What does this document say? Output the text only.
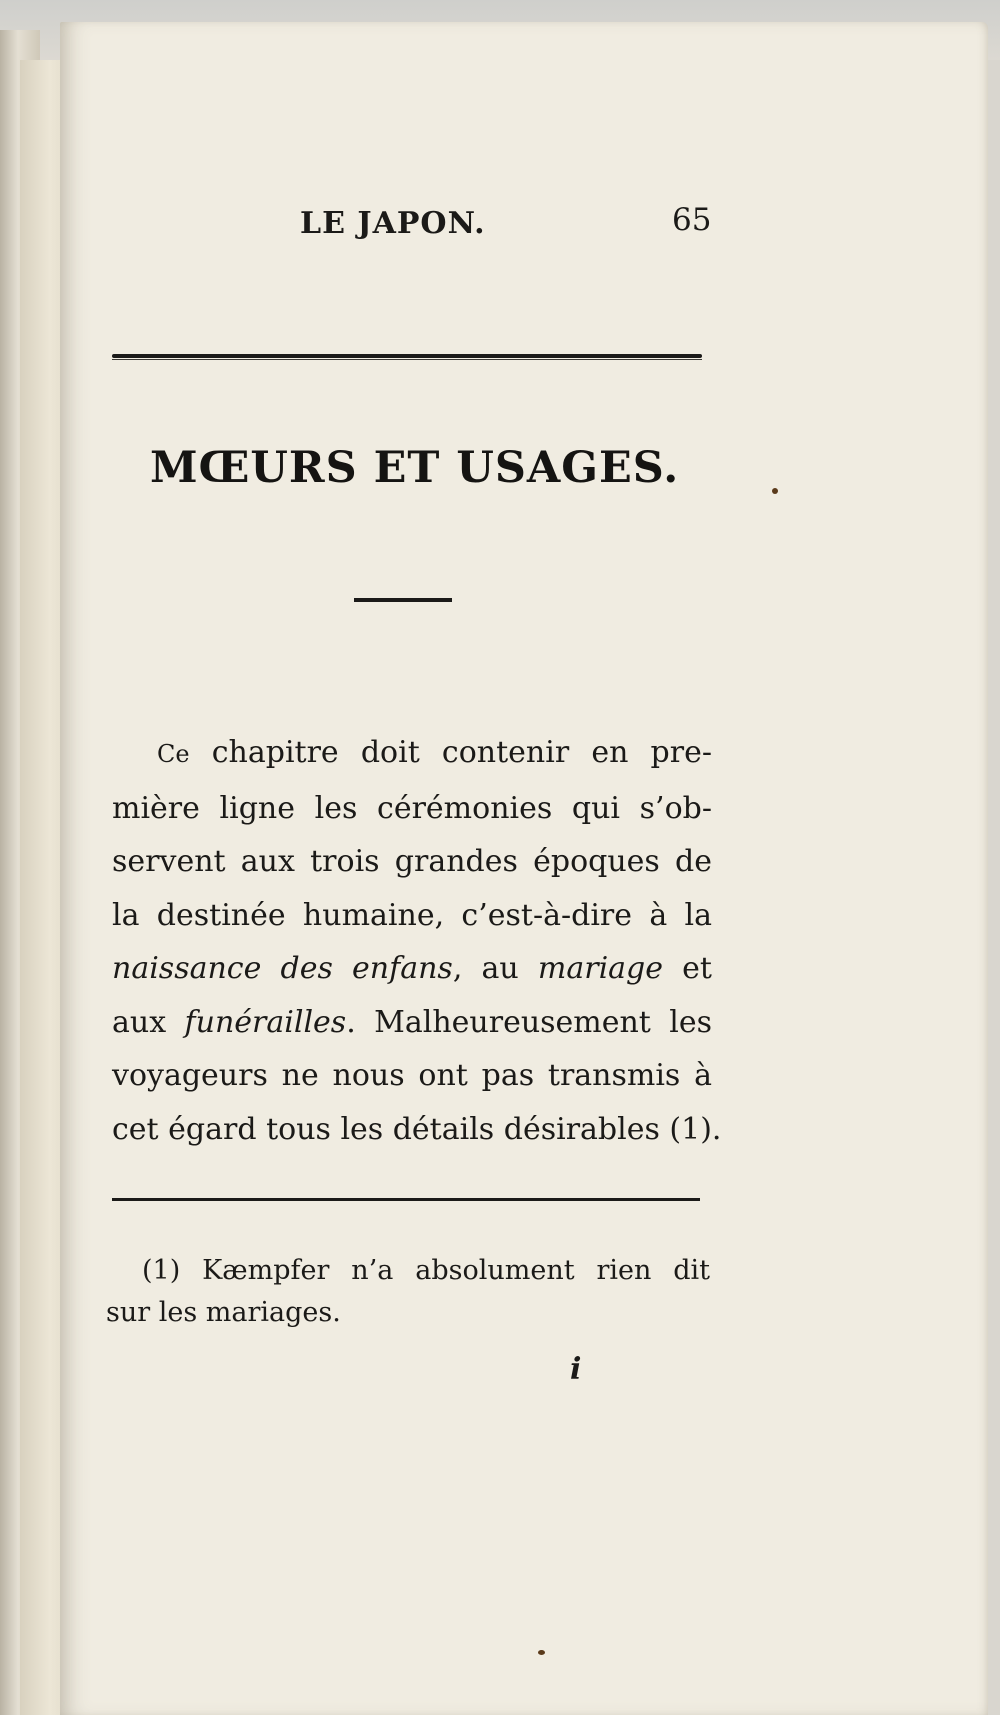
LE JAPON.	65
MŒURS ET USAGES.
Ce chapitre doit contenir en pre-
mière ligne les cérémonies qui s’ob-
servent aux trois grandes époques de
la destinée humaine, c’est-à-dire à la
naissance des enfans, au mariage et
aux funérailles. Malheureusement les
voyageurs ne nous ont pas transmis à
cet égard tous les détails désirables (1).
(1) Kæmpfer n’a absolument rien dit
sur les mariages.
i
